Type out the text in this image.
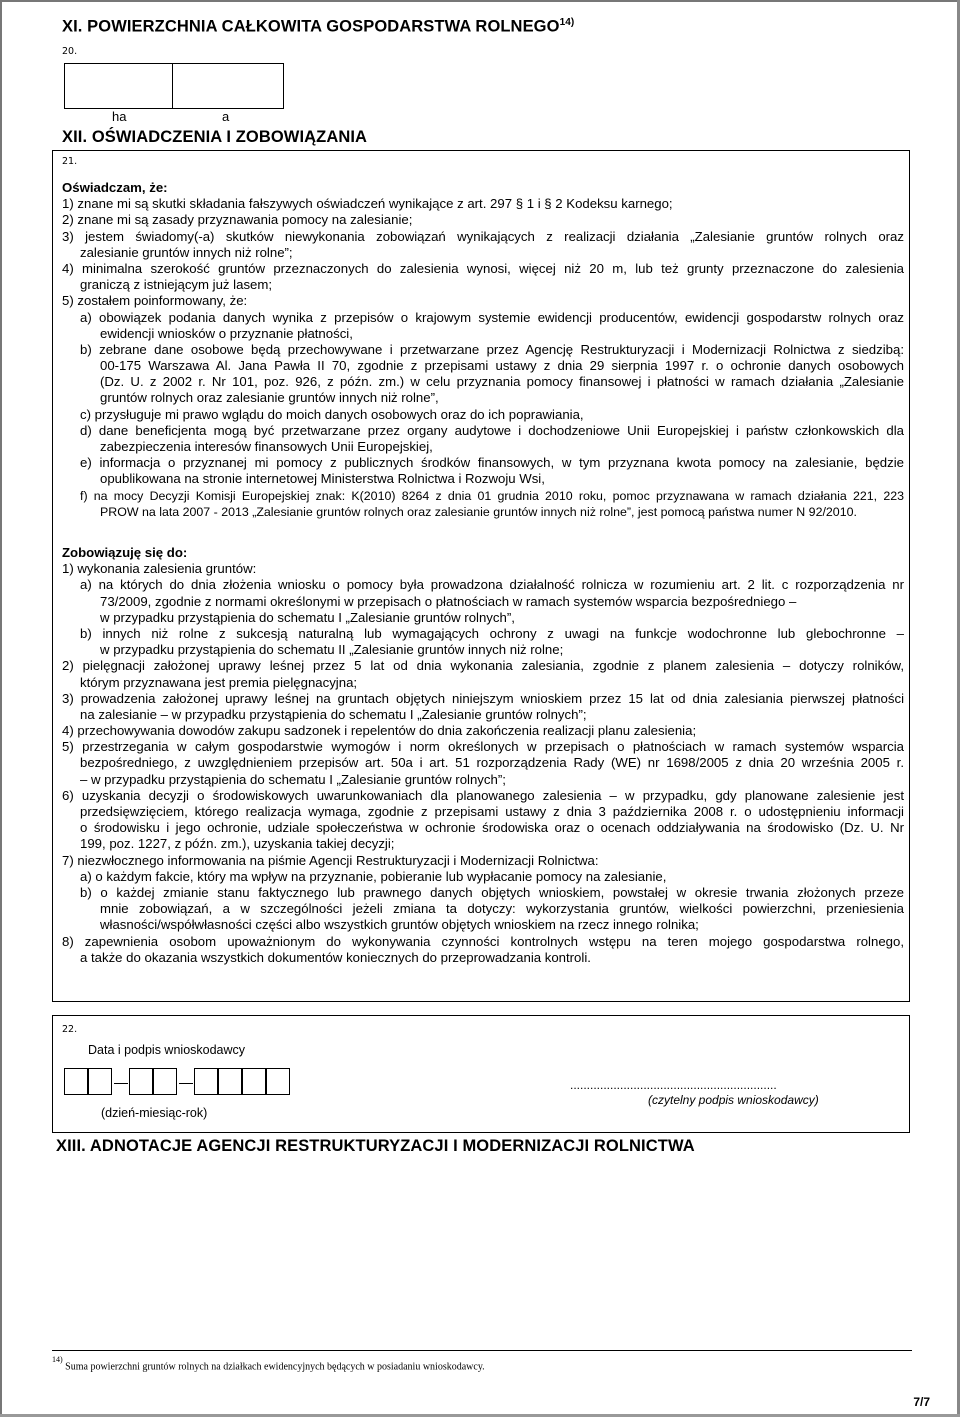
XI. POWIERZCHNIA CAŁKOWITA GOSPODARSTWA ROLNEGO$^{14)}$
20.
ha	a
XII. OŚWIADCZENIA I ZOBOWIĄZANIA
21.
Oświadczam, że:
1) znane mi są skutki składania fałszywych oświadczeń wynikające z art. 297 § 1 i § 2 Kodeksu karnego;
2) znane mi są zasady przyznawania pomocy na zalesianie;
3) jestem świadomy(-a) skutków niewykonania zobowiązań wynikających z realizacji działania „Zalesianie gruntów rolnych oraz
zalesianie gruntów innych niż rolne”;
4) minimalna szerokość gruntów przeznaczonych do zalesienia wynosi, więcej niż 20 m, lub też grunty przeznaczone do zalesienia
graniczą z istniejącym już lasem;
5) zostałem poinformowany, że:
a) obowiązek podania danych wynika z przepisów o krajowym systemie ewidencji producentów, ewidencji gospodarstw rolnych oraz
ewidencji wniosków o przyznanie płatności,
b) zebrane dane osobowe będą przechowywane i przetwarzane przez Agencję Restrukturyzacji i Modernizacji Rolnictwa z siedzibą:
00-175 Warszawa Al. Jana Pawła II 70, zgodnie z przepisami ustawy z dnia 29 sierpnia 1997 r. o ochronie danych osobowych
(Dz. U. z 2002 r. Nr 101, poz. 926, z późn. zm.) w celu przyznania pomocy finansowej i płatności w ramach działania „Zalesianie
gruntów rolnych oraz zalesianie gruntów innych niż rolne”,
c) przysługuje mi prawo wglądu do moich danych osobowych oraz do ich poprawiania,
d) dane beneficjenta mogą być przetwarzane przez organy audytowe i dochodzeniowe Unii Europejskiej i państw członkowskich dla
zabezpieczenia interesów finansowych Unii Europejskiej,
e) informacja o przyznanej mi pomocy z publicznych środków finansowych, w tym przyznana kwota pomocy na zalesianie, będzie
opublikowana na stronie internetowej Ministerstwa Rolnictwa i Rozwoju Wsi,
f) na mocy Decyzji Komisji Europejskiej znak: K(2010) 8264 z dnia 01 grudnia 2010 roku, pomoc przyznawana w ramach działania 221, 223
PROW na lata 2007 - 2013 „Zalesianie gruntów rolnych oraz zalesianie gruntów innych niż rolne”, jest pomocą państwa numer N 92/2010.
Zobowiązuję się do:
1) wykonania zalesienia gruntów:
a) na których do dnia złożenia wniosku o pomocy była prowadzona działalność rolnicza w rozumieniu art. 2 lit. c rozporządzenia nr
73/2009, zgodnie z normami określonymi w przepisach o płatnościach w ramach systemów wsparcia bezpośredniego –
w przypadku przystąpienia do schematu I „Zalesianie gruntów rolnych”,
b) innych niż rolne z sukcesją naturalną lub wymagających ochrony z uwagi na funkcje wodochronne lub glebochronne –
w przypadku przystąpienia do schematu II „Zalesianie gruntów innych niż rolne;
2) pielęgnacji założonej uprawy leśnej przez 5 lat od dnia wykonania zalesiania, zgodnie z planem zalesienia – dotyczy rolników,
którym przyznawana jest premia pielęgnacyjna;
3) prowadzenia założonej uprawy leśnej na gruntach objętych niniejszym wnioskiem przez 15 lat od dnia zalesiania pierwszej płatności
na zalesianie – w przypadku przystąpienia do schematu I „Zalesianie gruntów rolnych”;
4) przechowywania dowodów zakupu sadzonek i repelentów do dnia zakończenia realizacji planu zalesienia;
5) przestrzegania w całym gospodarstwie wymogów i norm określonych w przepisach o płatnościach w ramach systemów wsparcia
bezpośredniego, z uwzględnieniem przepisów art. 50a i art. 51 rozporządzenia Rady (WE) nr 1698/2005 z dnia 20 września 2005 r.
– w przypadku przystąpienia do schematu I „Zalesianie gruntów rolnych”;
6) uzyskania decyzji o środowiskowych uwarunkowaniach dla planowanego zalesienia – w przypadku, gdy planowane zalesienie jest
przedsięwzięciem, którego realizacja wymaga, zgodnie z przepisami ustawy z dnia 3 października 2008 r. o udostępnieniu informacji
o środowisku i jego ochronie, udziale społeczeństwa w ochronie środowiska oraz o ocenach oddziaływania na środowisko (Dz. U. Nr
199, poz. 1227, z późn. zm.), uzyskania takiej decyzji;
7) niezwłocznego informowania na piśmie Agencji Restrukturyzacji i Modernizacji Rolnictwa:
a) o każdym fakcie, który ma wpływ na przyznanie, pobieranie lub wypłacanie pomocy na zalesianie,
b) o każdej zmianie stanu faktycznego lub prawnego danych objętych wnioskiem, powstałej w okresie trwania złożonych przeze
mnie zobowiązań, a w szczególności jeżeli zmiana ta dotyczy: wykorzystania gruntów, wielkości powierzchni, przeniesienia
własności/współwłasności części albo wszystkich gruntów objętych wnioskiem na rzecz innego rolnika;
8) zapewnienia osobom upoważnionym do wykonywania czynności kontrolnych wstępu na teren mojego gospodarstwa rolnego,
a także do okazania wszystkich dokumentów koniecznych do przeprowadzania kontroli.
22.
Data i podpis wnioskodawcy
(dzień-miesiąc-rok)
..............................................................
(czytelny podpis wnioskodawcy)
XIII. ADNOTACJE AGENCJI RESTRUKTURYZACJI I MODERNIZACJI ROLNICTWA
$^{14)}$ Suma powierzchni gruntów rolnych na działkach ewidencyjnych będących w posiadaniu wnioskodawcy.
7/7
